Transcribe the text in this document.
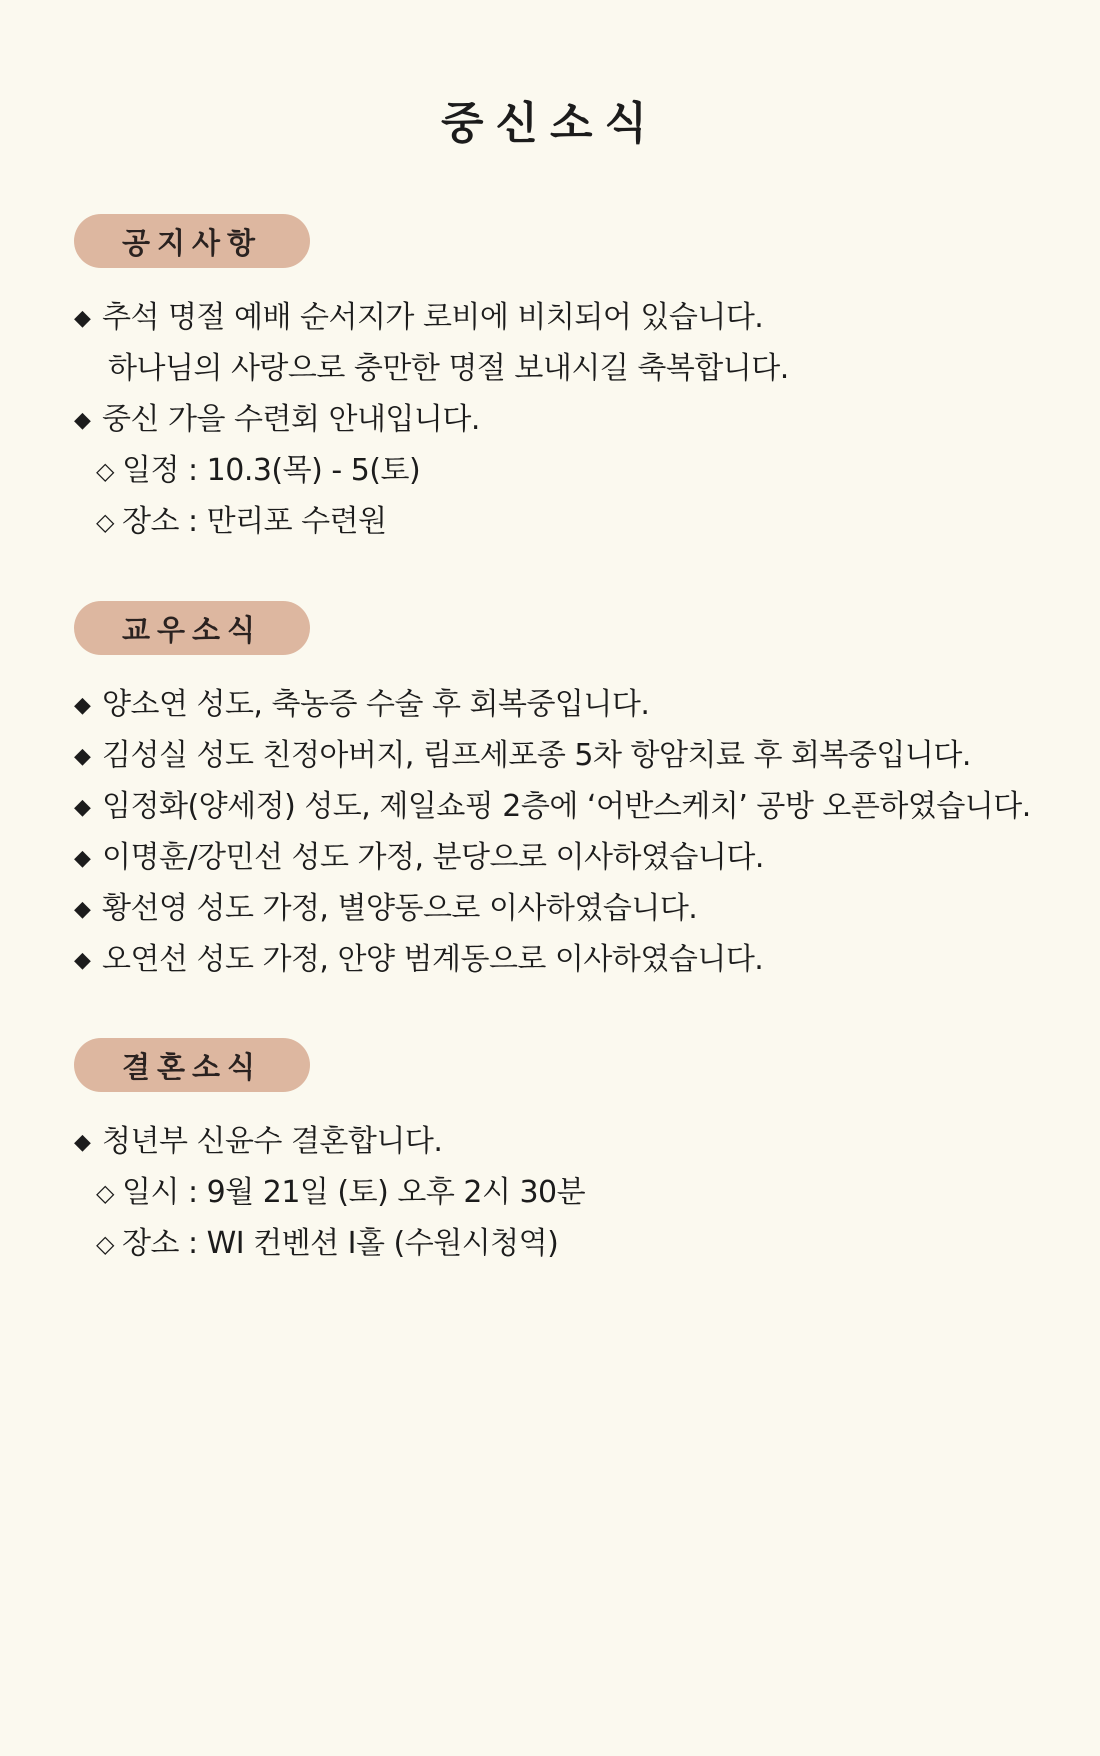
중신소식
공지사항
◆ 추석 명절 예배 순서지가 로비에 비치되어 있습니다.
하나님의 사랑으로 충만한 명절 보내시길 축복합니다.
◆ 중신 가을 수련회 안내입니다.
◇ 일정 : 10.3(목) - 5(토)
◇ 장소 : 만리포 수련원
교우소식
◆ 양소연 성도, 축농증 수술 후 회복중입니다.
◆ 김성실 성도 친정아버지, 림프세포종 5차 항암치료 후 회복중입니다.
◆ 임정화(양세정) 성도, 제일쇼핑 2층에 ‘어반스케치’ 공방 오픈하였습니다.
◆ 이명훈/강민선 성도 가정, 분당으로 이사하였습니다.
◆ 황선영 성도 가정, 별양동으로 이사하였습니다.
◆ 오연선 성도 가정, 안양 범계동으로 이사하였습니다.
결혼소식
◆ 청년부 신윤수 결혼합니다.
◇ 일시 : 9월 21일 (토) 오후 2시 30분
◇ 장소 : WI 컨벤션 I홀 (수원시청역)
